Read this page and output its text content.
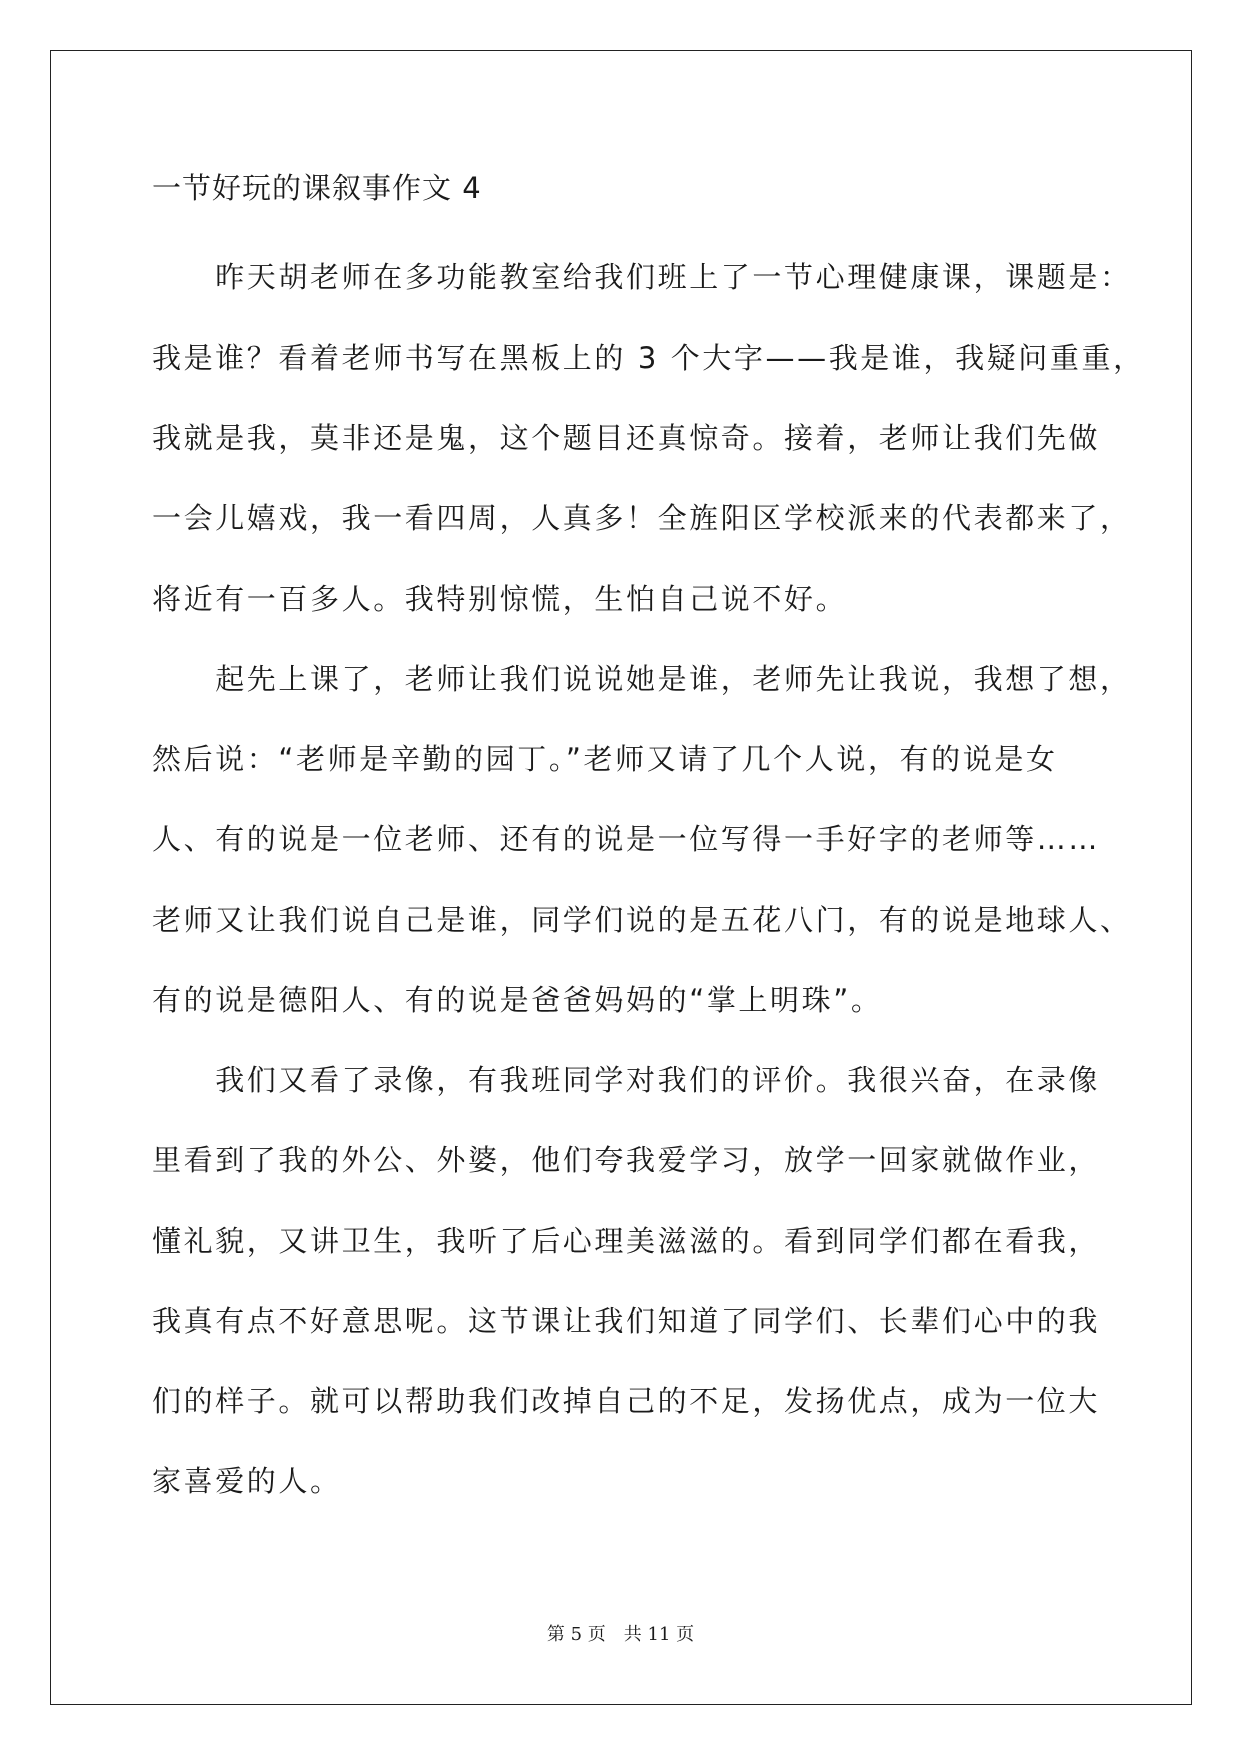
一节好玩的课叙事作文 4
　　昨天胡老师在多功能教室给我们班上了一节心理健康课，课题是：
我是谁？看着老师书写在黑板上的 3 个大字——我是谁，我疑问重重，
我就是我，莫非还是鬼，这个题目还真惊奇。接着，老师让我们先做
一会儿嬉戏，我一看四周，人真多！全旌阳区学校派来的代表都来了，
将近有一百多人。我特别惊慌，生怕自己说不好。
　　起先上课了，老师让我们说说她是谁，老师先让我说，我想了想，
然后说：“老师是辛勤的园丁。”老师又请了几个人说，有的说是女
人、有的说是一位老师、还有的说是一位写得一手好字的老师等……
老师又让我们说自己是谁，同学们说的是五花八门，有的说是地球人、
有的说是德阳人、有的说是爸爸妈妈的“掌上明珠”。
　　我们又看了录像，有我班同学对我们的评价。我很兴奋，在录像
里看到了我的外公、外婆，他们夸我爱学习，放学一回家就做作业，
懂礼貌，又讲卫生，我听了后心理美滋滋的。看到同学们都在看我，
我真有点不好意思呢。这节课让我们知道了同学们、长辈们心中的我
们的样子。就可以帮助我们改掉自己的不足，发扬优点，成为一位大
家喜爱的人。
第 5 页　共 11 页
